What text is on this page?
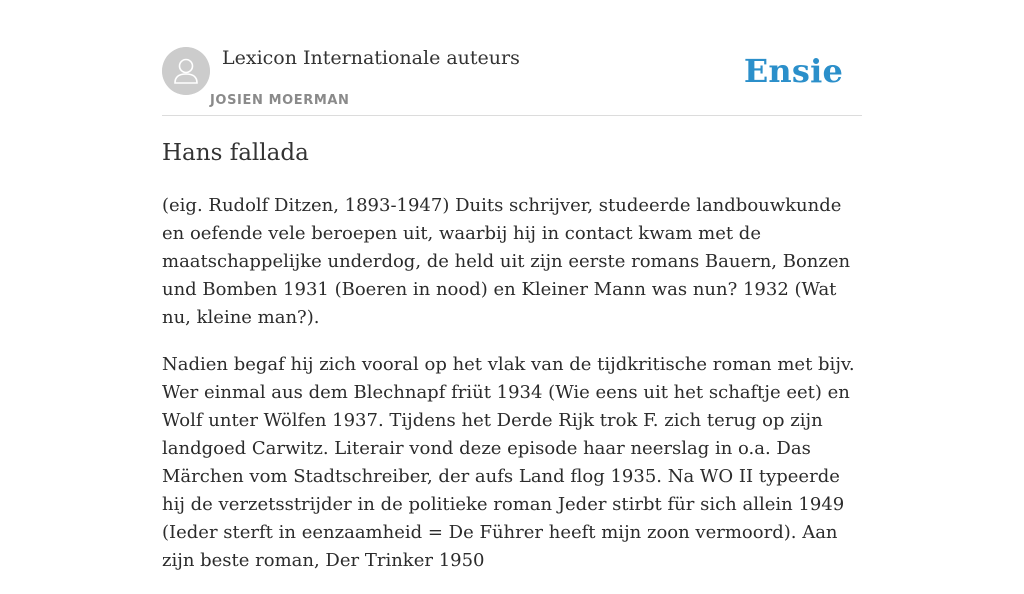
Lexicon Internationale auteurs
JOSIEN MOERMAN
Ensie
Hans fallada

(eig. Rudolf Ditzen, 1893-1947) Duits schrijver, studeerde landbouwkunde en oefende vele beroepen uit, waarbij hij in contact kwam met de maatschappelijke underdog, de held uit zijn eerste romans Bauern, Bonzen und Bomben 1931 (Boeren in nood) en Kleiner Mann was nun? 1932 (Wat nu, kleine man?).

Nadien begaf hij zich vooral op het vlak van de tijdkritische roman met bijv. Wer einmal aus dem Blechnapf friüt 1934 (Wie eens uit het schaftje eet) en Wolf unter Wölfen 1937. Tijdens het Derde Rijk trok F. zich terug op zijn landgoed Carwitz. Literair vond deze episode haar neerslag in o.a. Das Märchen vom Stadtschreiber, der aufs Land flog 1935. Na WO II typeerde hij de verzetsstrijder in de politieke roman Jeder stirbt für sich allein 1949 (Ieder sterft in eenzaamheid = De Führer heeft mijn zoon vermoord). Aan zijn beste roman, Der Trinker 1950
